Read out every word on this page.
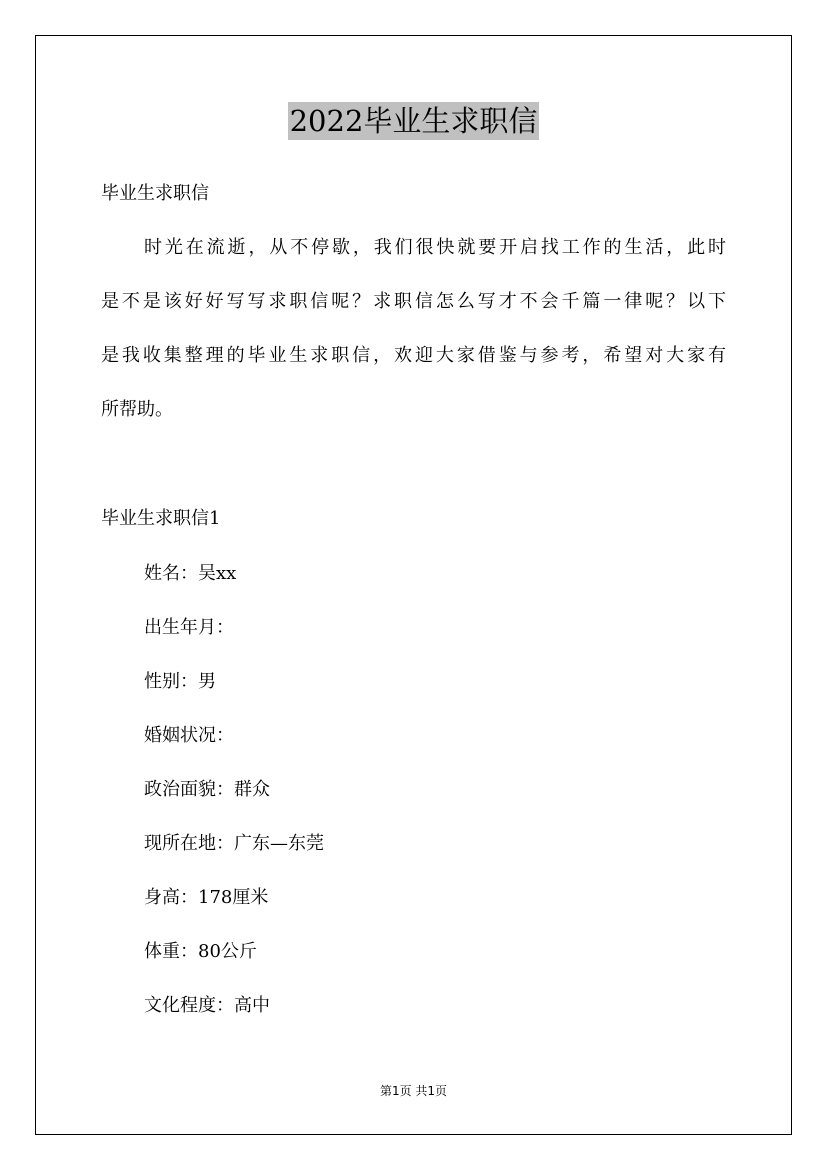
2022毕业生求职信
毕业生求职信
时光在流逝，从不停歇，我们很快就要开启找工作的生活，此时
是不是该好好写写求职信呢？求职信怎么写才不会千篇一律呢？以下
是我收集整理的毕业生求职信，欢迎大家借鉴与参考，希望对大家有
所帮助。
毕业生求职信1
姓名：吴xx
出生年月：
性别：男
婚姻状况：
政治面貌：群众
现所在地：广东—东莞
身高：178厘米
体重：80公斤
文化程度：高中
第1页 共1页
